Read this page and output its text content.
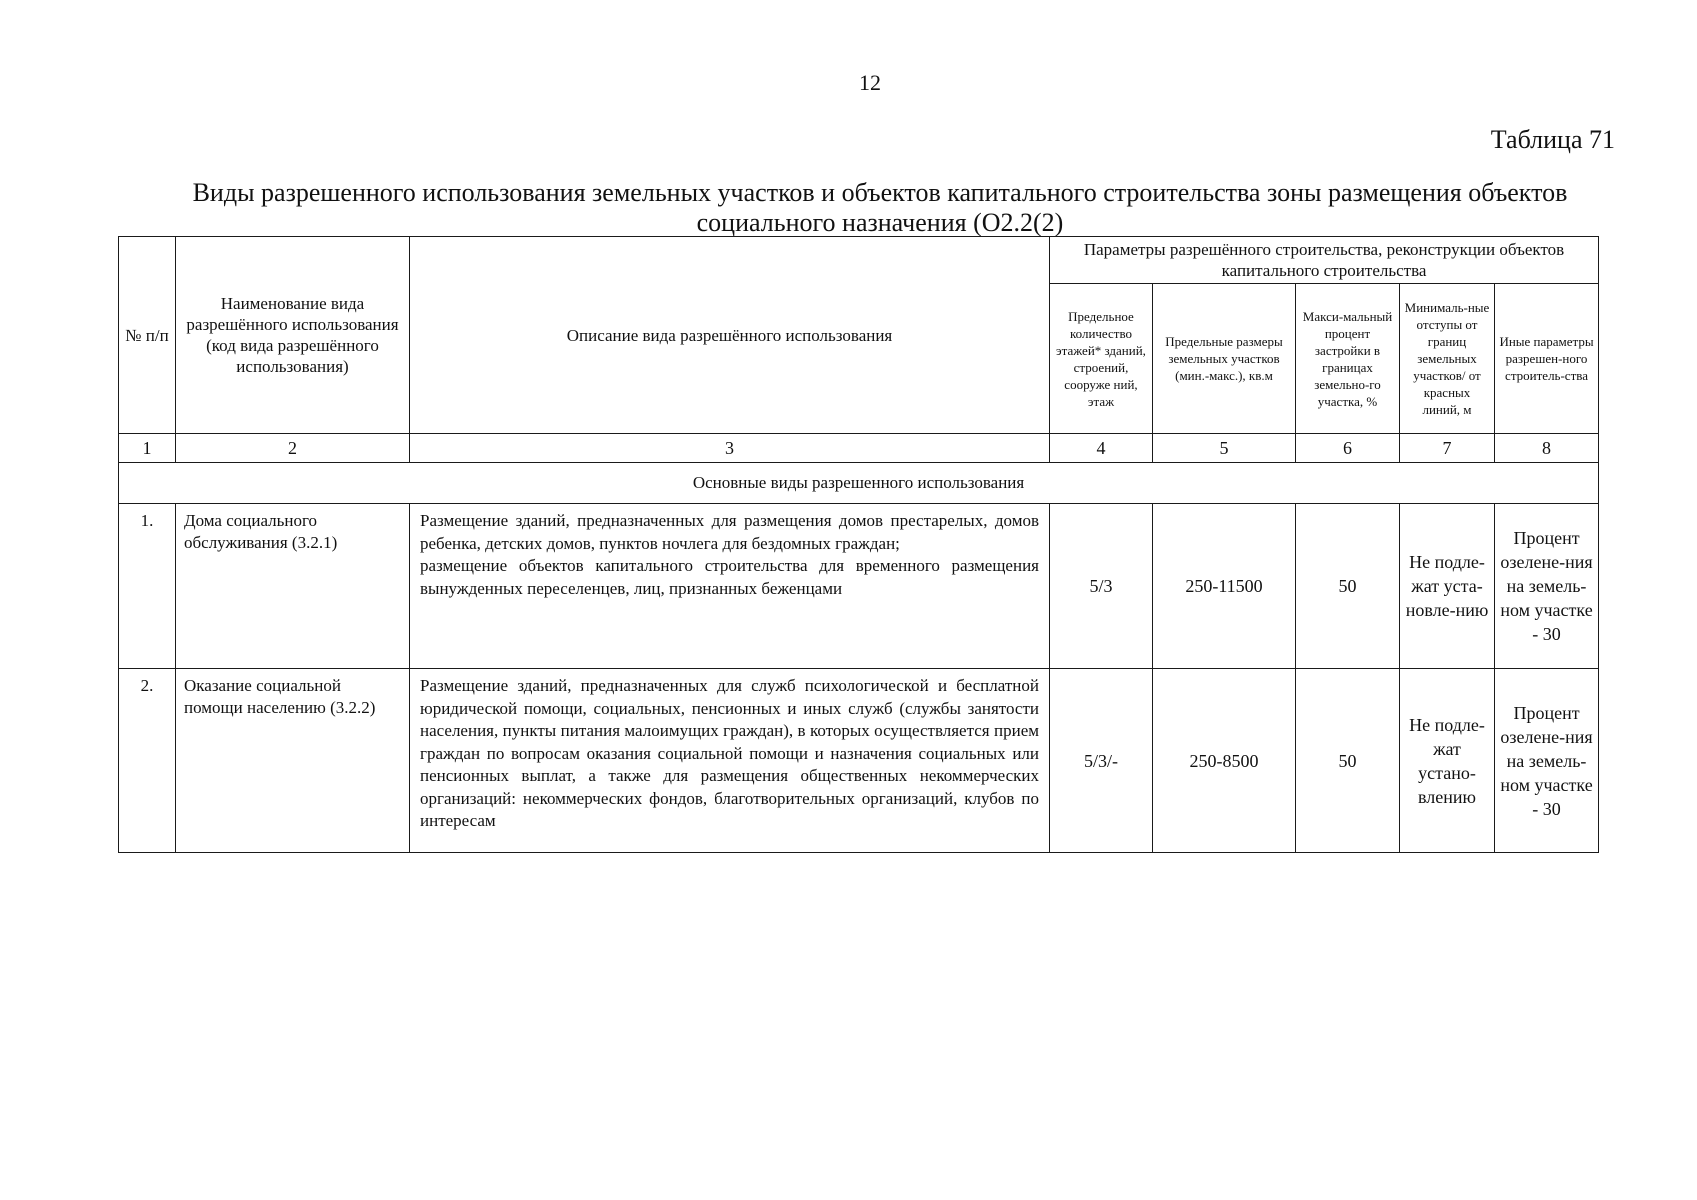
12
Таблица 71
Виды разрешенного использования земельных участков и объектов капитального строительства зоны размещения объектов социального назначения (О2.2(2)
№ п/п	Наименование вида разрешённого использования (код вида разрешённого использования)	Описание вида разрешённого использования	Параметры разрешённого строительства, реконструкции объектов капитального строительства				
			Предельное количество этажей* зданий, строений, сооруже ний, этаж	Предельные размеры земельных участков (мин.-макс.), кв.м	Макси-мальный процент застройки в границах земельно-го участка, %	Минималь-ные отступы от границ земельных участков/ от красных линий, м	Иные параметры разрешен-ного строитель-ства
1	2	3	4	5	6	7	8
Основные виды разрешенного использования							
1.	Дома социального обслуживания (3.2.1)	Размещение зданий, предназначенных для размещения домов престарелых, домов ребенка, детских домов, пунктов ночлега для бездомных граждан;
размещение объектов капитального строительства для временного размещения вынужденных переселенцев, лиц, признанных беженцами	5/3	250-11500	50	Не подле-жат уста-новле-нию	Процент озелене-ния на земель-ном участке - 30
2.	Оказание социальной помощи населению (3.2.2)	Размещение зданий, предназначенных для служб психологической и бесплатной юридической помощи, социальных, пенсионных и иных служб (службы занятости населения, пункты питания малоимущих граждан), в которых осуществляется прием граждан по вопросам оказания социальной помощи и назначения социальных или пенсионных выплат, а также для размещения общественных некоммерческих организаций: некоммерческих фондов, благотворительных организаций, клубов по интересам	5/3/-	250-8500	50	Не подле-жат устано-влению	Процент озелене-ния на земель-ном участке - 30
